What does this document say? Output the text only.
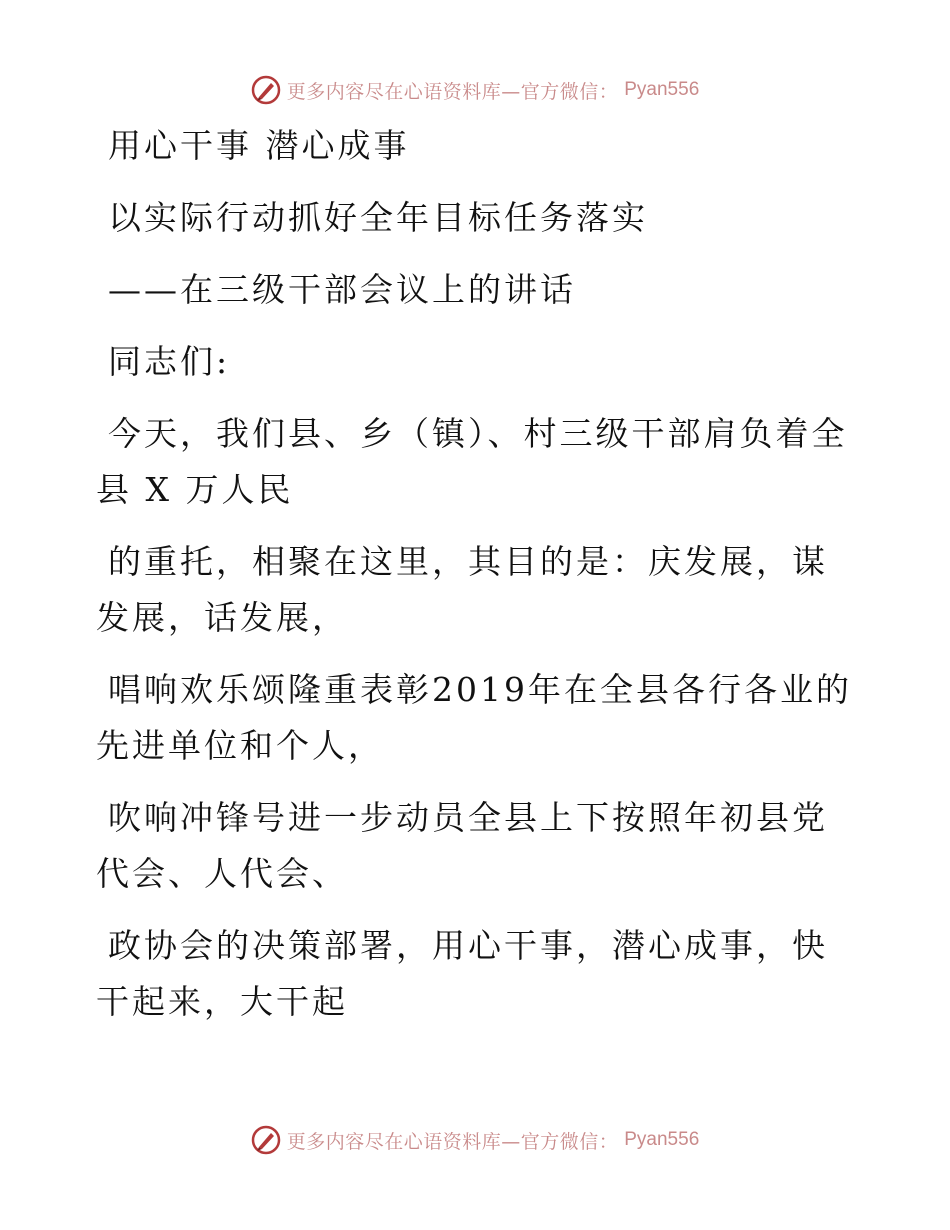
更多内容尽在心语资料库—官方微信： Pyan556

用心干事 潜心成事

以实际行动抓好全年目标任务落实

——在三级干部会议上的讲话

同志们:

今天，我们县、乡（镇）、村三级干部肩负着全县 X 万人民

的重托，相聚在这里，其目的是：庆发展，谋发展，话发展，

唱响欢乐颂隆重表彰2019年在全县各行各业的先进单位和个人，

吹响冲锋号进一步动员全县上下按照年初县党代会、人代会、

政协会的决策部署，用心干事，潜心成事，快干起来，大干起

更多内容尽在心语资料库—官方微信： Pyan556
